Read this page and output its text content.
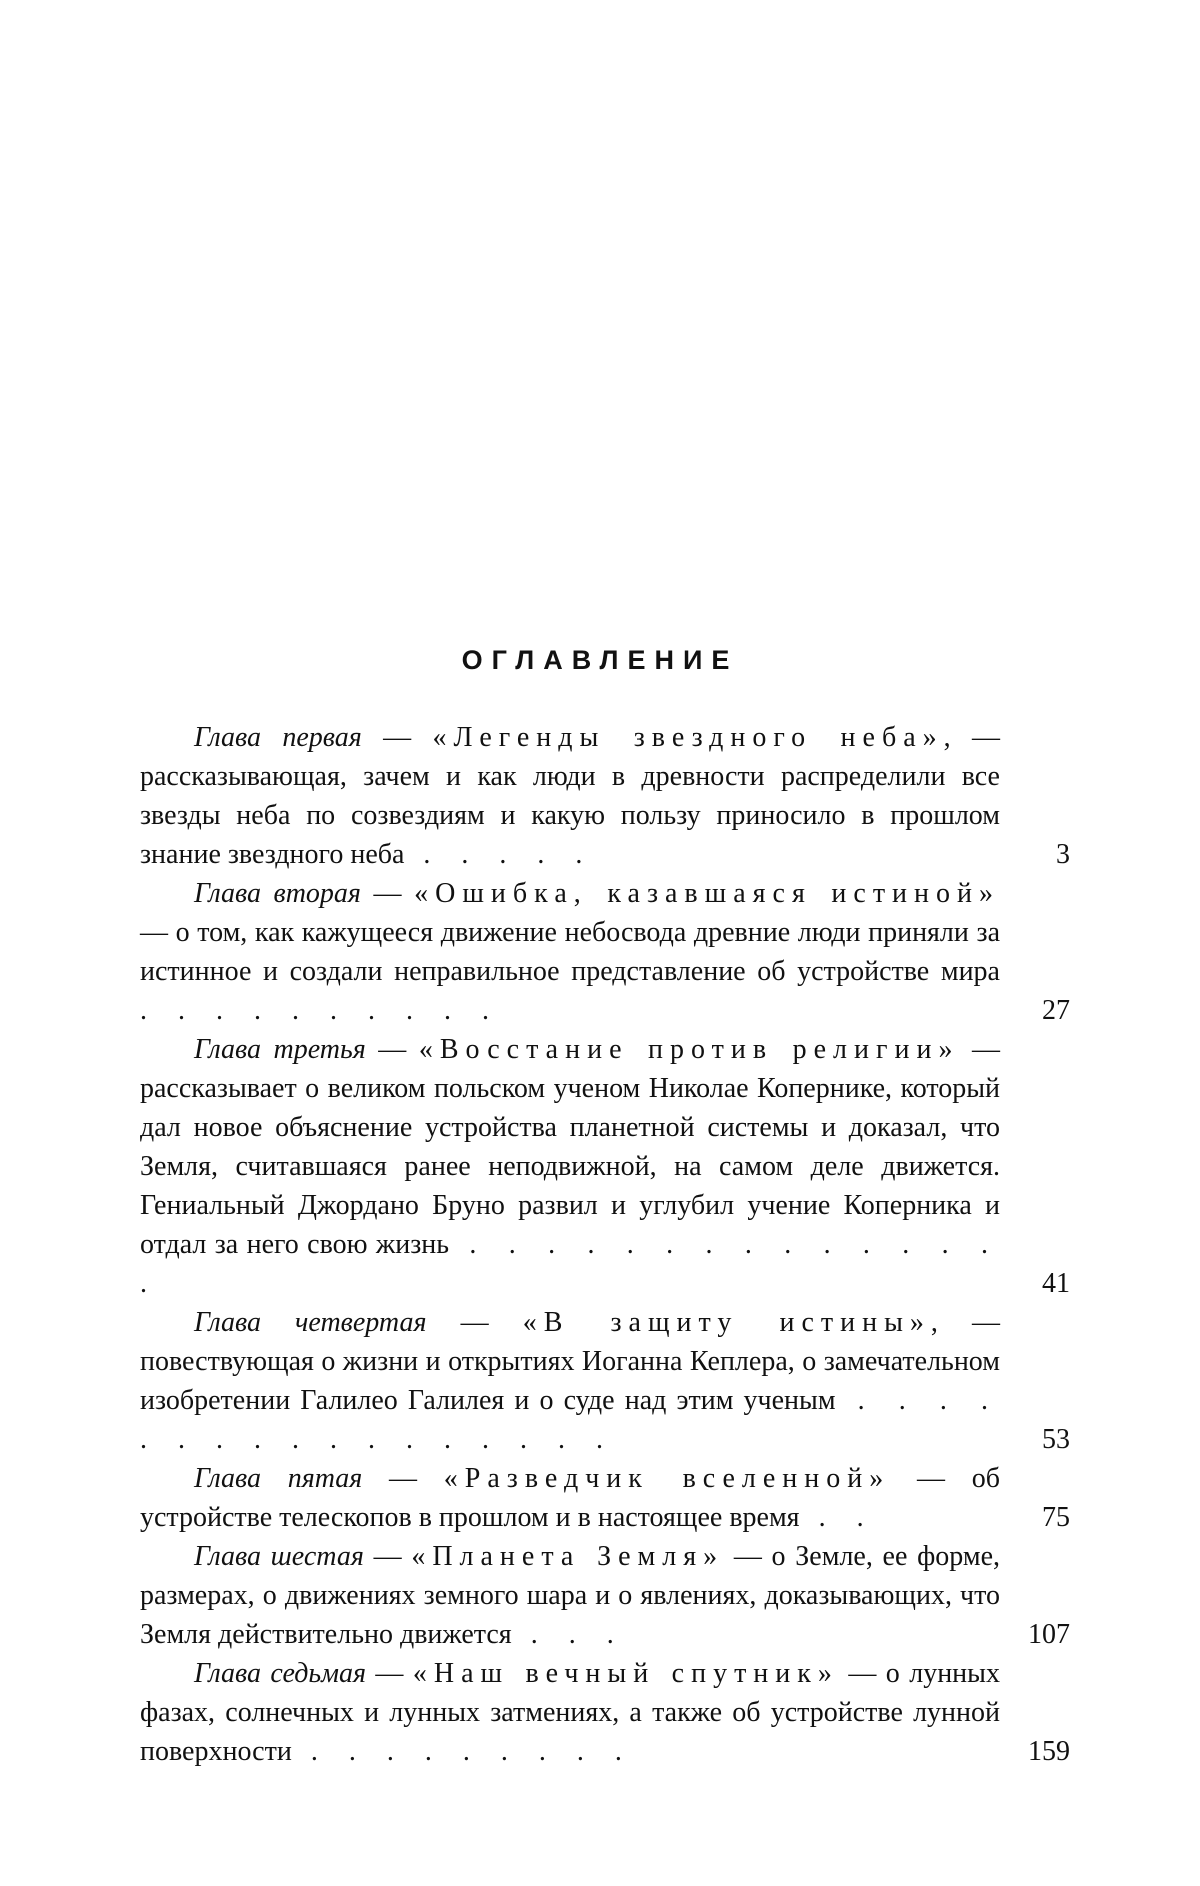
ОГЛАВЛЕНИЕ
Глава первая — «Легенды звездного неба», — рассказывающая, зачем и как люди в древности распределили все звезды неба по созвездиям и какую пользу приносило в прошлом знание звездного неба . . . . .	3
Глава вторая — «Ошибка, казавшаяся истиной» — о том, как кажущееся движение небосвода древние люди приняли за истинное и создали неправильное представление об устройстве мира . . . . . . . . . .	27
Глава третья — «Восстание против религии» — рассказывает о великом польском ученом Николае Копернике, который дал новое объяснение устройства планетной системы и доказал, что Земля, считавшаяся ранее неподвижной, на самом деле движется. Гениальный Джордано Бруно развил и углубил учение Коперника и отдал за него свою жизнь . . . . . . . . . . . . . . .	41
Глава четвертая — «В защиту истины», — повествующая о жизни и открытиях Иоганна Кеплера, о замечательном изобретении Галилео Галилея и о суде над этим ученым . . . . . . . . . . . . . . . . .	53
Глава пятая — «Разведчик вселенной» — об устройстве телескопов в прошлом и в настоящее время . .	75
Глава шестая — «Планета Земля» — о Земле, ее форме, размерах, о движениях земного шара и о явлениях, доказывающих, что Земля действительно движется . . .	107
Глава седьмая — «Наш вечный спутник» — о лунных фазах, солнечных и лунных затмениях, а также об устройстве лунной поверхности . . . . . . . . .	159
